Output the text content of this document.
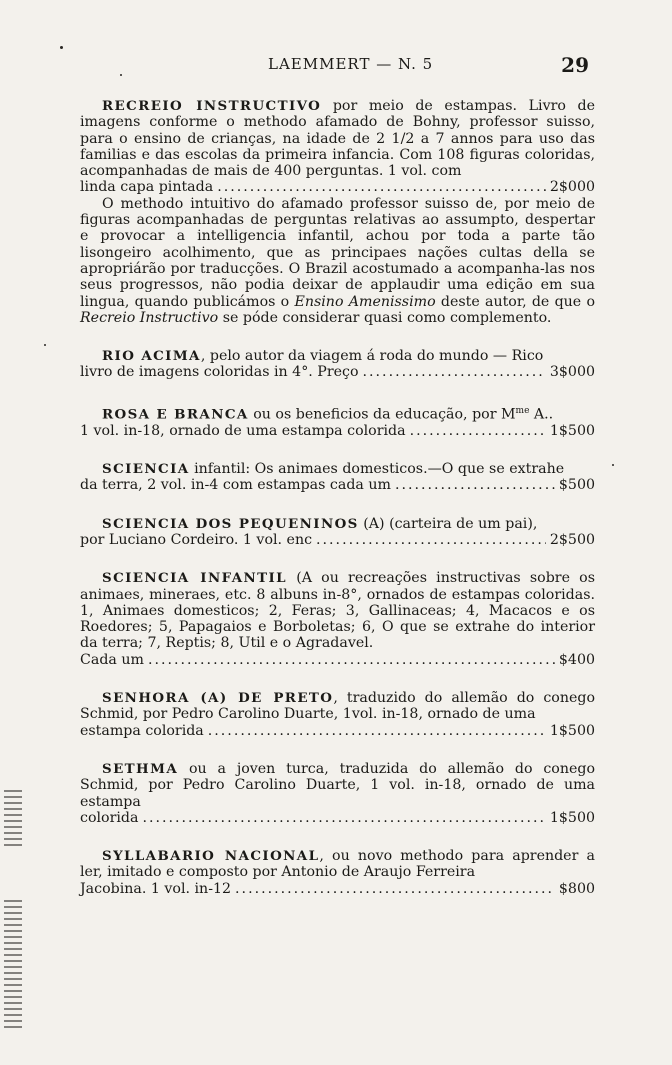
LAEMMERT — N. 5	29

RECREIO INSTRUCTIVO por meio de estampas. Livro de imagens conforme o methodo afamado de Bohny, professor suisso, para o ensino de crianças, na idade de 2 1/2 a 7 annos para uso das familias e das escolas da primeira infancia. Com 108 figuras coloridas, acompanhadas de mais de 400 perguntas. 1 vol. com

linda capa pintada .....	2$000

O methodo intuitivo do afamado professor suisso de, por meio de figuras acompanhadas de perguntas relativas ao assumpto, despertar e provocar a intelligencia infantil, achou por toda a parte tão lisongeiro acolhimento, que as principaes nações cultas della se apropriárão por traducções. O Brazil acostumado a acompanha-las nos seus progressos, não podia deixar de applaudir uma edição em sua lingua, quando publicámos o Ensino Amenissimo deste autor, de que o Recreio Instructivo se póde considerar quasi como complemento.

RIO ACIMA, pelo autor da viagem á roda do mundo — Rico

livro de imagens coloridas in 4°. Preço .....	3$000

ROSA E BRANCA ou os beneficios da educação, por $M^{me}$ A..

1 vol. in-18, ornado de uma estampa colorida .....	1$500

SCIENCIA infantil: Os animaes domesticos.—O que se extrahe

da terra, 2 vol. in-4 com estampas cada um .....	$500

SCIENCIA DOS PEQUENINOS (A) (carteira de um pai),

por Luciano Cordeiro. 1 vol. enc .....	2$500

SCIENCIA INFANTIL (A ou recreações instructivas sobre os animaes, mineraes, etc. 8 albuns in-8°, ornados de estampas coloridas. 1, Animaes domesticos; 2, Feras; 3, Gallinaceas; 4, Macacos e os Roedores; 5, Papagaios e Borboletas; 6, O que se extrahe do interior da terra; 7, Reptis; 8, Util e o Agradavel.

Cada um .....	$400

SENHORA (A) DE PRETO, traduzido do allemão do conego Schmid, por Pedro Carolino Duarte, 1vol. in-18, ornado de uma

estampa colorida .....	1$500

SETHMA ou a joven turca, traduzida do allemão do conego Schmid, por Pedro Carolino Duarte, 1 vol. in-18, ornado de uma estampa

colorida .....	1$500

SYLLABARIO NACIONAL, ou novo methodo para aprender a ler, imitado e composto por Antonio de Araujo Ferreira

Jacobina. 1 vol. in-12 .....	$800
